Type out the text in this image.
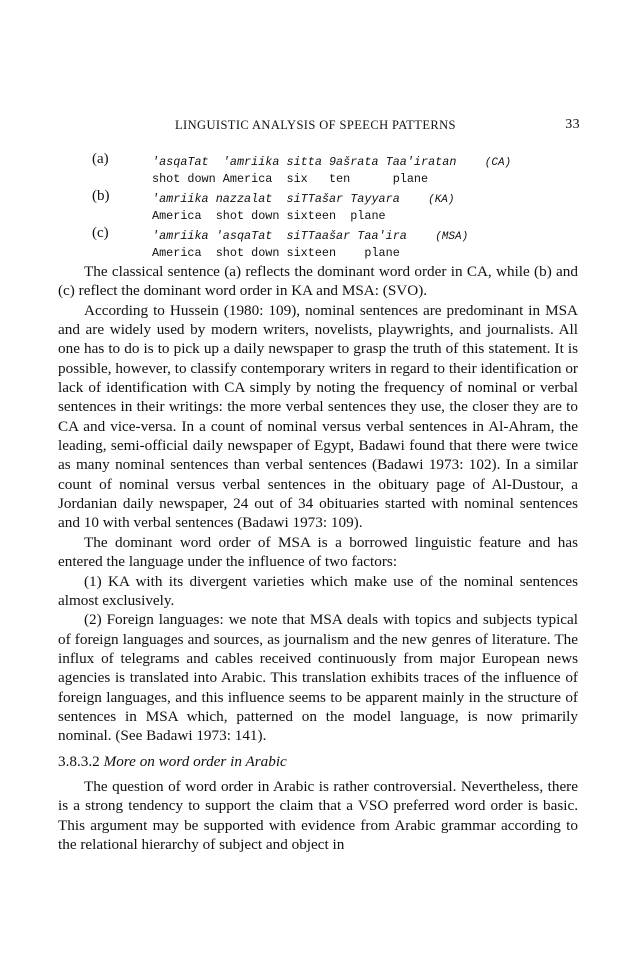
LINGUISTIC ANALYSIS OF SPEECH PATTERNS	33
(a)	'asqaTat  'amriika sitta 9ašrata Taa'iratan	(CA)
shot down America  six   ten      plane
(b)	'amriika nazzalat  siTTašar Tayyara	(KA)
America  shot down sixteen  plane
(c)	'amriika 'asqaTat  siTTaašar Taa'ira	(MSA)
America  shot down sixteen    plane

The classical sentence (a) reflects the dominant word order in CA, while (b) and (c) reflect the dominant word order in KA and MSA: (SVO).

According to Hussein (1980: 109), nominal sentences are predominant in MSA and are widely used by modern writers, novelists, playwrights, and journalists. All one has to do is to pick up a daily newspaper to grasp the truth of this statement. It is possible, however, to classify contemporary writers in regard to their identification or lack of identification with CA simply by noting the frequency of nominal or verbal sentences in their writings: the more verbal sentences they use, the closer they are to CA and vice-versa. In a count of nominal versus verbal sentences in Al-Ahram, the leading, semi-official daily newspaper of Egypt, Badawi found that there were twice as many nominal sentences than verbal sentences (Badawi 1973: 102). In a similar count of nominal versus verbal sentences in the obituary page of Al-Dustour, a Jordanian daily newspaper, 24 out of 34 obituaries started with nominal sentences and 10 with verbal sentences (Badawi 1973: 109).

The dominant word order of MSA is a borrowed linguistic feature and has entered the language under the influence of two factors:

(1) KA with its divergent varieties which make use of the nominal sentences almost exclusively.

(2) Foreign languages: we note that MSA deals with topics and subjects typical of foreign languages and sources, as journalism and the new genres of literature. The influx of telegrams and cables received continuously from major European news agencies is translated into Arabic. This translation exhibits traces of the influence of foreign languages, and this influence seems to be apparent mainly in the structure of sentences in MSA which, patterned on the model language, is now primarily nominal. (See Badawi 1973: 141).

3.8.3.2 More on word order in Arabic

The question of word order in Arabic is rather controversial. Nevertheless, there is a strong tendency to support the claim that a VSO preferred word order is basic. This argument may be supported with evidence from Arabic grammar according to the relational hierarchy of subject and object in
